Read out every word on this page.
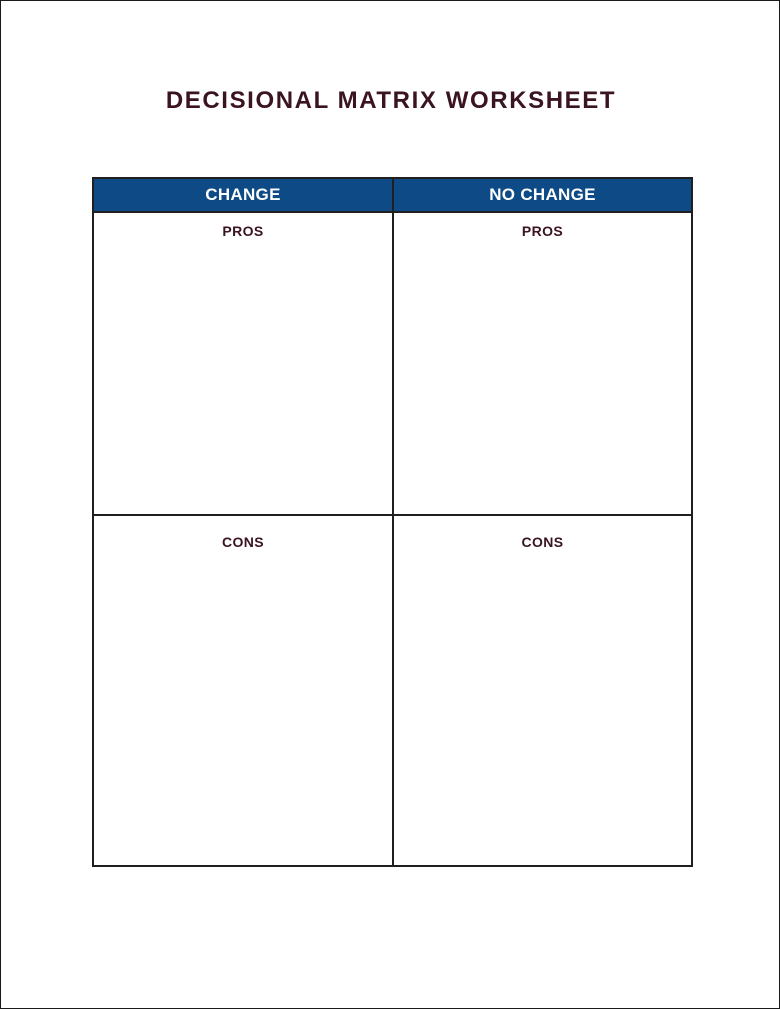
DECISIONAL MATRIX WORKSHEET
CHANGE	NO CHANGE
PROS	PROS
CONS	CONS
